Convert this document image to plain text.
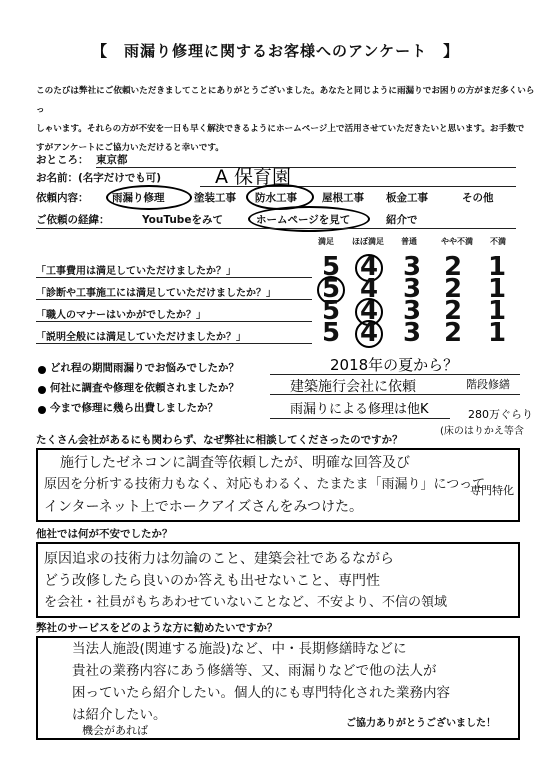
【　雨漏り修理に関するお客様へのアンケート　】
このたびは弊社にご依頼いただきましてことにありがとうございました。あなたと同じように雨漏りでお困りの方がまだ多くいらっ
しゃいます。それらの方が不安を一日も早く解決できるようにホームページ上で活用させていただきたいと思います。お手数で
すがアンケートにご協力いただけると幸いです。
おところ： 東京都
お名前：(名字だけでも可)	A 保育園
依頼内容： 雨漏り修理	塗装工事 防水工事 屋根工事 板金工事	その他
ご依頼の経緯：	YouTubeをみて	ホームページを見て	紹介で
満足 ほぼ満足 普通	やや不満 不満
「工事費用は満足していただけましたか？」	5 4 3 2 1
「診断や工事施工には満足していただけましたか？」 5 4 3 2 1
「職人のマナーはいかがでしたか？」	5 4 3 2 1
「説明全般には満足していただけましたか？」	5 4 3 2 1
どれ程の期間雨漏りでお悩みでしたか？	2018年の夏から？
何社に調査や修理を依頼されましたか？	建築施行会社に依頼	階段修繕
今まで修理に幾ら出費しましたか？	雨漏りによる修理は他K	280万ぐらり
(床のはりかえ等含
たくさん会社があるにも関わらず、なぜ弊社に相談してくださったのですか？
施行したゼネコンに調査等依頼したが、明確な回答及び
原因を分析する技術力もなく、対応もわるく、たまたま「雨漏り」につって
インターネット上でホークアイズさんをみつけた。
専門特化
他社では何が不安でしたか？
原因追求の技術力は勿論のこと、建築会社であるながら
どう改修したら良いのか答えも出せないこと、専門性
を会社・社員がもちあわせていないことなど、不安より、不信の領域
弊社のサービスをどのような方に勧めたいですか？
当法人施設(関連する施設)など、中・長期修繕時などに
貴社の業務内容にあう修繕等、又、雨漏りなどで他の法人が
困っていたら紹介したい。個人的にも専門特化された業務内容
は紹介したい。
機会があれば
ご協力ありがとうございました！
